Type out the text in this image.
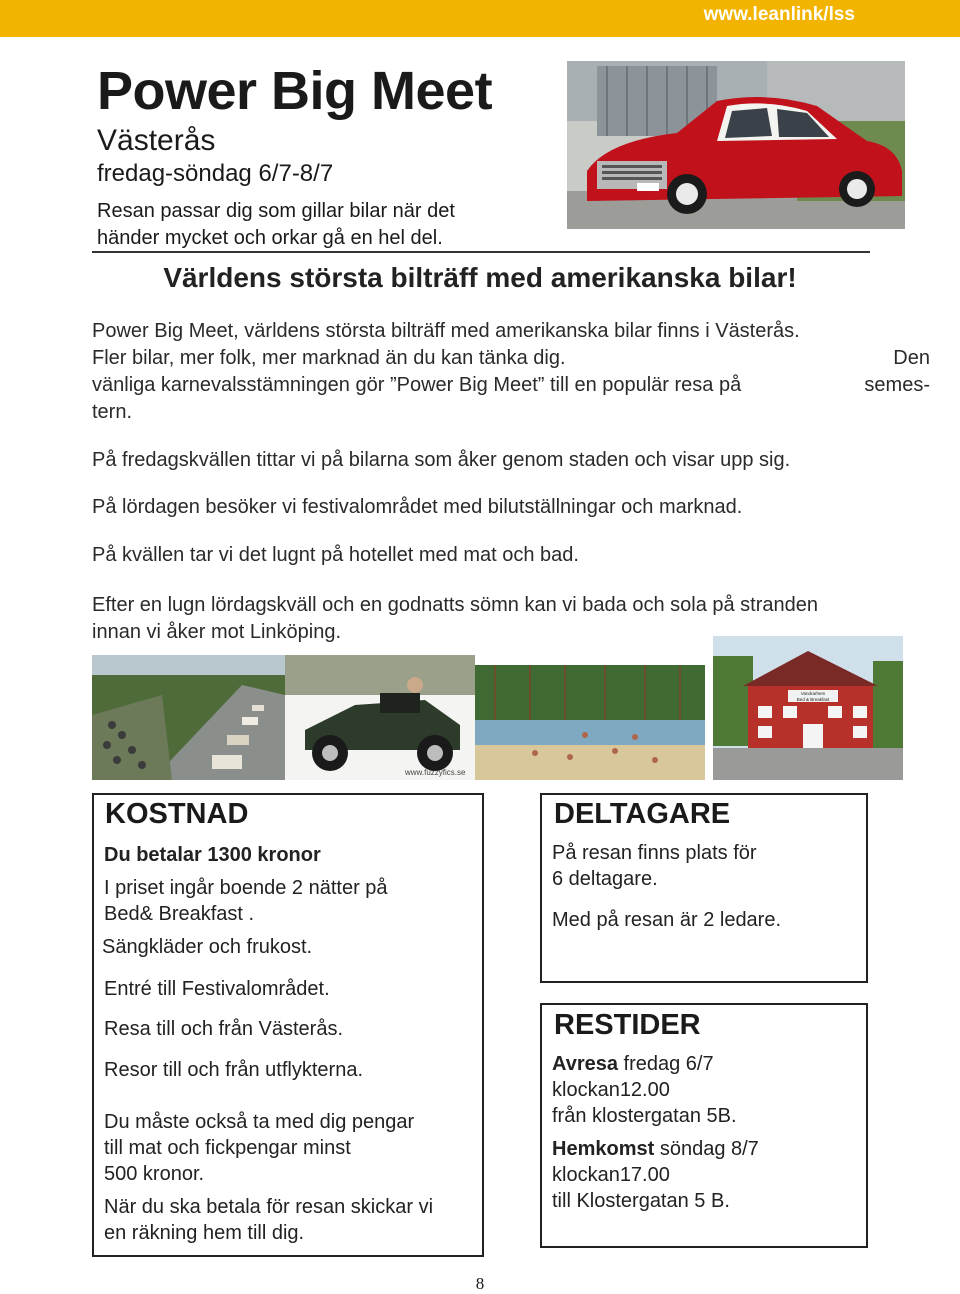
www.leanlink/lss
Power Big Meet
Västerås
fredag-söndag 6/7-8/7
Resan passar dig som gillar bilar när det
händer mycket och orkar gå en hel del.
Världens största bilträff med amerikanska bilar!
Power Big Meet, världens största bilträff med amerikanska bilar finns i Västerås.
Fler bilar, mer folk, mer marknad än du kan tänka dig.	Den
vänliga karnevalsstämningen gör ”Power Big Meet” till en populär resa på	semes-
tern.
På fredagskvällen tittar vi på bilarna som åker genom staden och visar upp sig.
På lördagen besöker vi festivalområdet med bilutställningar och marknad.
På kvällen tar vi det lugnt på hotellet med mat och bad.
Efter en lugn lördagskväll och en godnatts sömn kan vi bada och sola på stranden
innan vi åker mot Linköping.
www.fuzzyfics.se
Vandrarhem
Bed & Breakfast
KOSTNAD
Du betalar 1300 kronor
I priset ingår boende 2 nätter på
Bed& Breakfast .
Sängkläder och frukost.
Entré till Festivalområdet.
Resa till och från Västerås.
Resor till och från utflykterna.
Du måste också ta med dig pengar
till mat och fickpengar minst
500 kronor.
När du ska betala för resan skickar vi
en räkning hem till dig.
DELTAGARE
På resan finns plats för
6 deltagare.
Med på resan är 2 ledare.
RESTIDER
Avresa fredag 6/7
klockan12.00
från klostergatan 5B.
Hemkomst söndag 8/7
klockan17.00
till Klostergatan 5 B.
8
